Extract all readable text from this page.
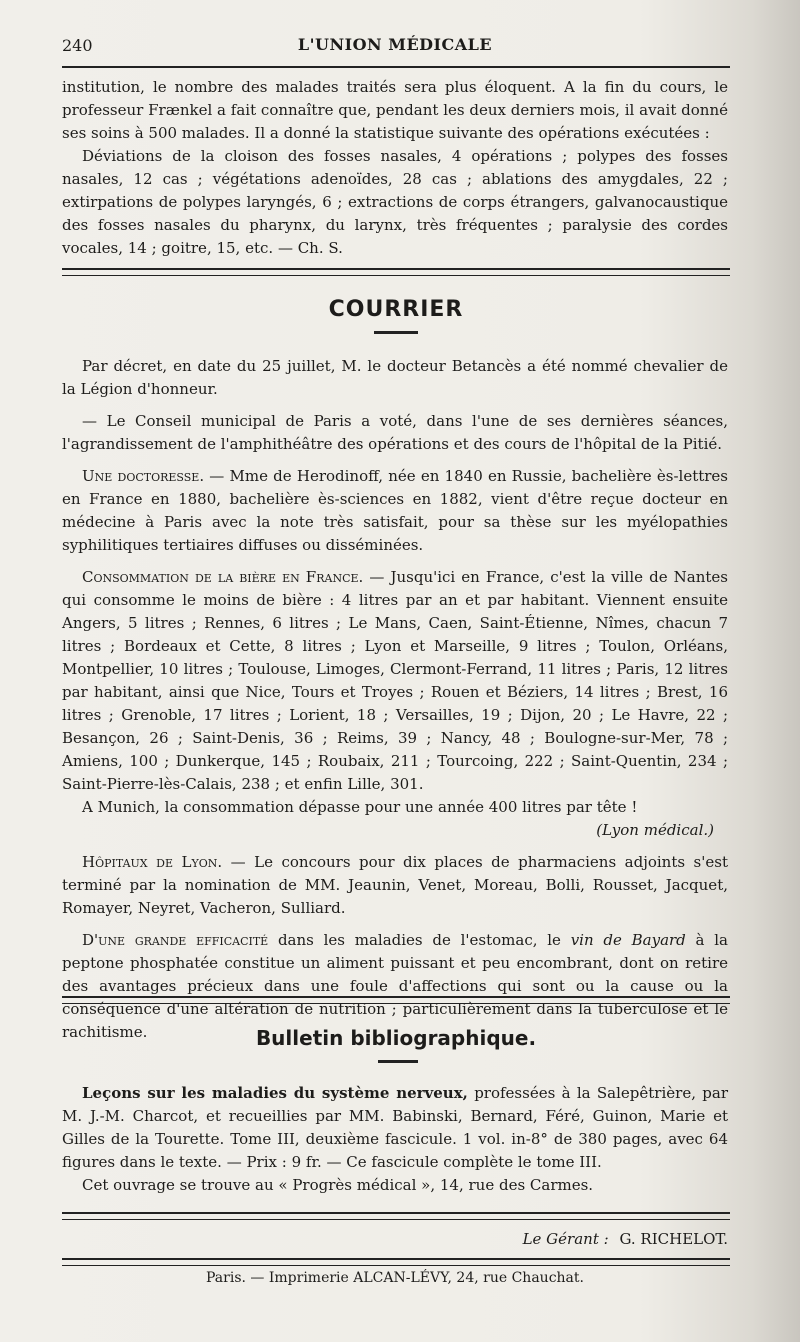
240	L'UNION MÉDICALE

institution, le nombre des malades traités sera plus éloquent. A la fin du cours, le professeur Frænkel a fait connaître que, pendant les deux derniers mois, il avait donné ses soins à 500 malades. Il a donné la statistique suivante des opérations exécutées :

Déviations de la cloison des fosses nasales, 4 opérations ; polypes des fosses nasales, 12 cas ; végétations adenoïdes, 28 cas ; ablations des amygdales, 22 ; extirpations de polypes laryngés, 6 ; extractions de corps étrangers, galvanocaustique des fosses nasales du pharynx, du larynx, très fréquentes ; paralysie des cordes vocales, 14 ; goitre, 15, etc. — Ch. S.

COURRIER

Par décret, en date du 25 juillet, M. le docteur Betancès a été nommé chevalier de la Légion d'honneur.

— Le Conseil municipal de Paris a voté, dans l'une de ses dernières séances, l'agrandissement de l'amphithéâtre des opérations et des cours de l'hôpital de la Pitié.

Une doctoresse. — Mme de Herodinoff, née en 1840 en Russie, bachelière ès-lettres en France en 1880, bachelière ès-sciences en 1882, vient d'être reçue docteur en médecine à Paris avec la note très satisfait, pour sa thèse sur les myélopathies syphilitiques tertiaires diffuses ou disséminées.

Consommation de la bière en France. — Jusqu'ici en France, c'est la ville de Nantes qui consomme le moins de bière : 4 litres par an et par habitant. Viennent ensuite Angers, 5 litres ; Rennes, 6 litres ; Le Mans, Caen, Saint-Étienne, Nîmes, chacun 7 litres ; Bordeaux et Cette, 8 litres ; Lyon et Marseille, 9 litres ; Toulon, Orléans, Montpellier, 10 litres ; Toulouse, Limoges, Clermont-Ferrand, 11 litres ; Paris, 12 litres par habitant, ainsi que Nice, Tours et Troyes ; Rouen et Béziers, 14 litres ; Brest, 16 litres ; Grenoble, 17 litres ; Lorient, 18 ; Versailles, 19 ; Dijon, 20 ; Le Havre, 22 ; Besançon, 26 ; Saint-Denis, 36 ; Reims, 39 ; Nancy, 48 ; Boulogne-sur-Mer, 78 ; Amiens, 100 ; Dunkerque, 145 ; Roubaix, 211 ; Tourcoing, 222 ; Saint-Quentin, 234 ; Saint-Pierre-lès-Calais, 238 ; et enfin Lille, 301.

A Munich, la consommation dépasse pour une année 400 litres par tête !

(Lyon médical.)

Hôpitaux de Lyon. — Le concours pour dix places de pharmaciens adjoints s'est terminé par la nomination de MM. Jeaunin, Venet, Moreau, Bolli, Rousset, Jacquet, Romayer, Neyret, Vacheron, Sulliard.

D'une grande efficacité dans les maladies de l'estomac, le vin de Bayard à la peptone phosphatée constitue un aliment puissant et peu encombrant, dont on retire des avantages précieux dans une foule d'affections qui sont ou la cause ou la conséquence d'une altération de nutrition ; particulièrement dans la tuberculose et le rachitisme.	Bulletin bibliographique.

Leçons sur les maladies du système nerveux, professées à la Salepêtrière, par M. J.-M. Charcot, et recueillies par MM. Babinski, Bernard, Féré, Guinon, Marie et Gilles de la Tourette. Tome III, deuxième fascicule. 1 vol. in-8° de 380 pages, avec 64 figures dans le texte. — Prix : 9 fr. — Ce fascicule complète le tome III.

Cet ouvrage se trouve au « Progrès médical », 14, rue des Carmes.

Le Gérant : G. RICHELOT.
Paris. — Imprimerie ALCAN-LÉVY, 24, rue Chauchat.
